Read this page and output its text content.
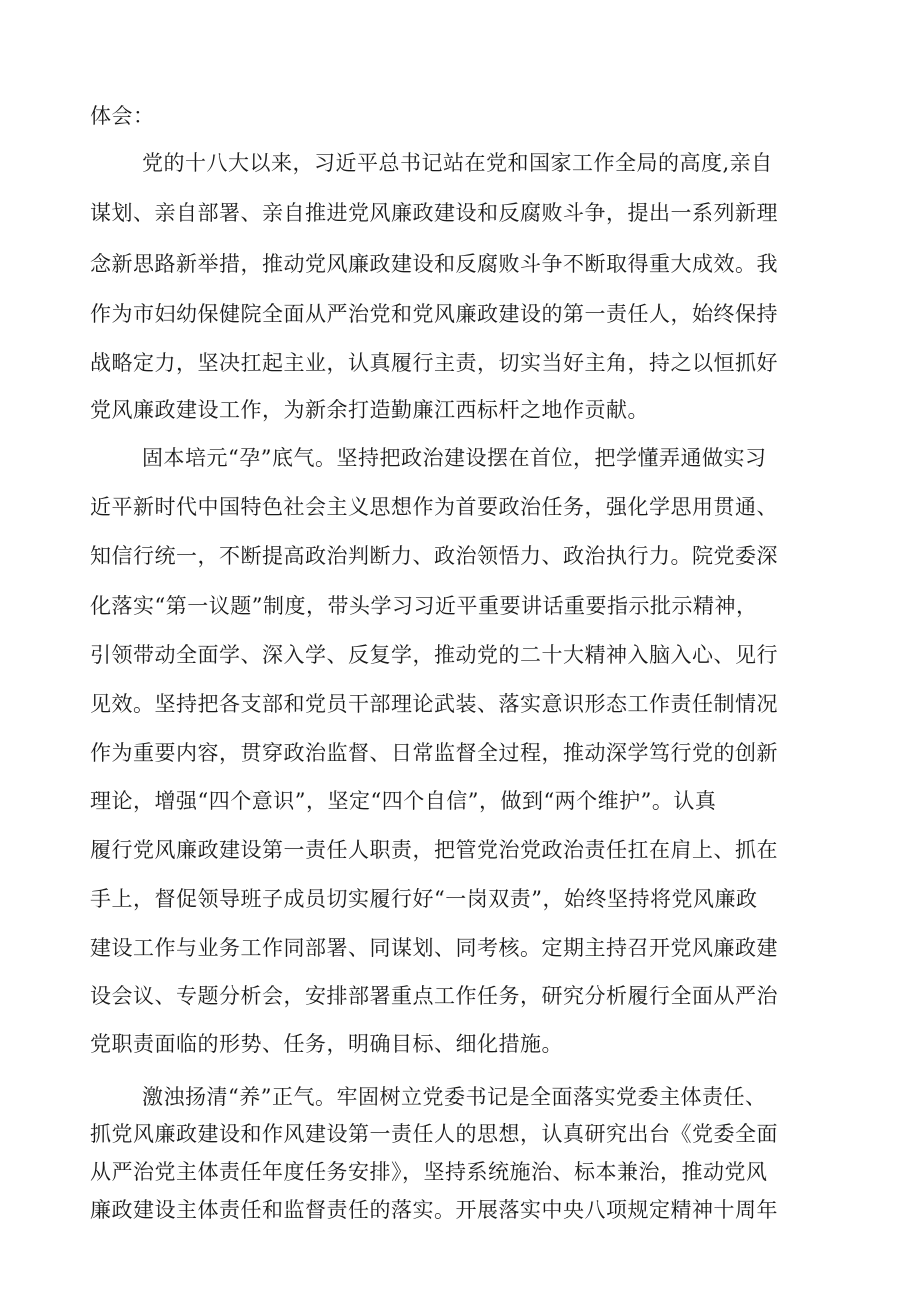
体会：
党的十八大以来，习近平总书记站在党和国家工作全局的高度,亲自
谋划、亲自部署、亲自推进党风廉政建设和反腐败斗争，提出一系列新理
念新思路新举措，推动党风廉政建设和反腐败斗争不断取得重大成效。我
作为市妇幼保健院全面从严治党和党风廉政建设的第一责任人，始终保持
战略定力，坚决扛起主业，认真履行主责，切实当好主角，持之以恒抓好
党风廉政建设工作，为新余打造勤廉江西标杆之地作贡献。
固本培元“孕”底气。坚持把政治建设摆在首位，把学懂弄通做实习
近平新时代中国特色社会主义思想作为首要政治任务，强化学思用贯通、
知信行统一，不断提高政治判断力、政治领悟力、政治执行力。院党委深
化落实“第一议题”制度，带头学习习近平重要讲话重要指示批示精神，
引领带动全面学、深入学、反复学，推动党的二十大精神入脑入心、见行
见效。坚持把各支部和党员干部理论武装、落实意识形态工作责任制情况
作为重要内容，贯穿政治监督、日常监督全过程，推动深学笃行党的创新
理论，增强“四个意识”，坚定“四个自信”，做到“两个维护”。认真
履行党风廉政建设第一责任人职责，把管党治党政治责任扛在肩上、抓在
手上，督促领导班子成员切实履行好“一岗双责”，始终坚持将党风廉政
建设工作与业务工作同部署、同谋划、同考核。定期主持召开党风廉政建
设会议、专题分析会，安排部署重点工作任务，研究分析履行全面从严治
党职责面临的形势、任务，明确目标、细化措施。
激浊扬清“养”正气。牢固树立党委书记是全面落实党委主体责任、
抓党风廉政建设和作风建设第一责任人的思想，认真研究出台《党委全面
从严治党主体责任年度任务安排》，坚持系统施治、标本兼治，推动党风
廉政建设主体责任和监督责任的落实。开展落实中央八项规定精神十周年
